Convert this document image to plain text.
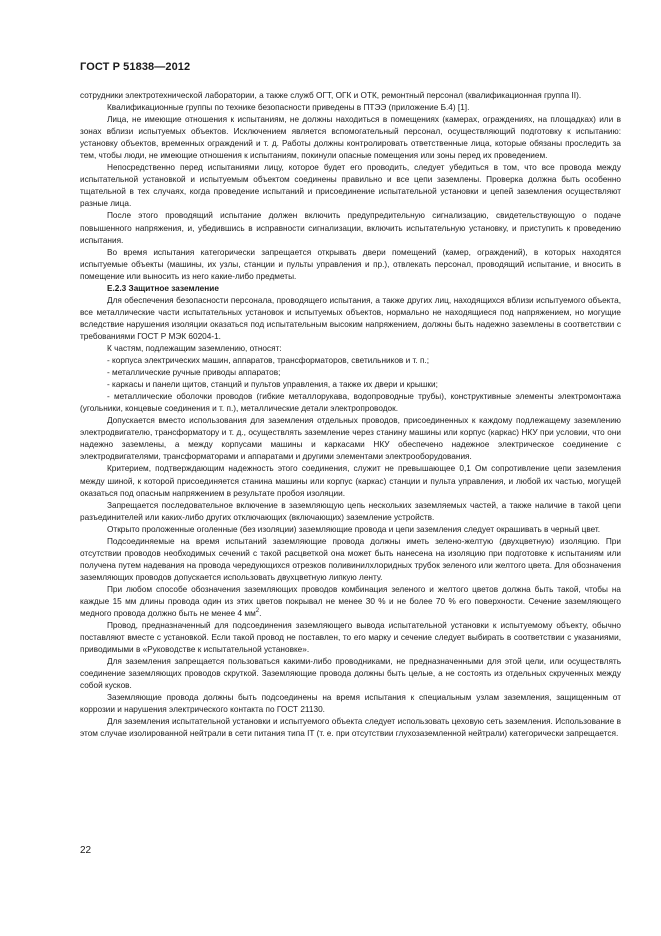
ГОСТ Р 51838—2012

сотрудники электротехнической лаборатории, а также служб ОГТ, ОГК и ОТК, ремонтный персонал (квалификационная группа II).

Квалификационные группы по технике безопасности приведены в ПТЭЭ (приложение Б.4) [1].

Лица, не имеющие отношения к испытаниям, не должны находиться в помещениях (камерах, ограждениях, на площадках) или в зонах вблизи испытуемых объектов. Исключением является вспомогательный персонал, осуществляющий подготовку к испытанию: установку объектов, временных ограждений и т. д. Работы должны контролировать ответственные лица, которые обязаны проследить за тем, чтобы люди, не имеющие отношения к испытаниям, покинули опасные помещения или зоны перед их проведением.

Непосредственно перед испытаниями лицу, которое будет его проводить, следует убедиться в том, что все провода между испытательной установкой и испытуемым объектом соединены правильно и все цепи заземлены. Проверка должна быть особенно тщательной в тех случаях, когда проведение испытаний и присоединение испытательной установки и цепей заземления осуществляют разные лица.

После этого проводящий испытание должен включить предупредительную сигнализацию, свидетельствующую о подаче повышенного напряжения, и, убедившись в исправности сигнализации, включить испытательную установку, и приступить к проведению испытания.

Во время испытания категорически запрещается открывать двери помещений (камер, ограждений), в которых находятся испытуемые объекты (машины, их узлы, станции и пульты управления и пр.), отвлекать персонал, проводящий испытание, и вносить в помещение или выносить из него какие-либо предметы.

Е.2.3 Защитное заземление

Для обеспечения безопасности персонала, проводящего испытания, а также других лиц, находящихся вблизи испытуемого объекта, все металлические части испытательных установок и испытуемых объектов, нормально не находящиеся под напряжением, но могущие вследствие нарушения изоляции оказаться под испытательным высоким напряжением, должны быть надежно заземлены в соответствии с требованиями ГОСТ Р МЭК 60204-1.

К частям, подлежащим заземлению, относят:

- корпуса электрических машин, аппаратов, трансформаторов, светильников и т. п.;

- металлические ручные приводы аппаратов;

- каркасы и панели щитов, станций и пультов управления, а также их двери и крышки;

- металлические оболочки проводов (гибкие металлорукава, водопроводные трубы), конструктивные элементы электромонтажа (угольники, концевые соединения и т. п.), металлические детали электропроводок.

Допускается вместо использования для заземления отдельных проводов, присоединенных к каждому подлежащему заземлению электродвигателю, трансформатору и т. д., осуществлять заземление через станину машины или корпус (каркас) НКУ при условии, что они надежно заземлены, а между корпусами машины и каркасами НКУ обеспечено надежное электрическое соединение с электродвигателями, трансформаторами и аппаратами и другими элементами электрооборудования.

Критерием, подтверждающим надежность этого соединения, служит не превышающее 0,1 Ом сопротивление цепи заземления между шиной, к которой присоединяется станина машины или корпус (каркас) станции и пульта управления, и любой их частью, могущей оказаться под опасным напряжением в результате пробоя изоляции.

Запрещается последовательное включение в заземляющую цепь нескольких заземляемых частей, а также наличие в такой цепи разъединителей или каких-либо других отключающих (включающих) заземление устройств.

Открыто проложенные оголенные (без изоляции) заземляющие провода и цепи заземления следует окрашивать в черный цвет.

Подсоединяемые на время испытаний заземляющие провода должны иметь зелено-желтую (двухцветную) изоляцию. При отсутствии проводов необходимых сечений с такой расцветкой она может быть нанесена на изоляцию при подготовке к испытаниям или получена путем надевания на провода чередующихся отрезков поливинилхлоридных трубок зеленого или желтого цвета. Для обозначения заземляющих проводов допускается использовать двухцветную липкую ленту.

При любом способе обозначения заземляющих проводов комбинация зеленого и желтого цветов должна быть такой, чтобы на каждые 15 мм длины провода один из этих цветов покрывал не менее 30 % и не более 70 % его поверхности. Сечение заземляющего медного провода должно быть не менее 4 $мм^2$.

Провод, предназначенный для подсоединения заземляющего вывода испытательной установки к испытуемому объекту, обычно поставляют вместе с установкой. Если такой провод не поставлен, то его марку и сечение следует выбирать в соответствии с указаниями, приводимыми в «Руководстве к испытательной установке».

Для заземления запрещается пользоваться какими-либо проводниками, не предназначенными для этой цели, или осуществлять соединение заземляющих проводов скруткой. Заземляющие провода должны быть целые, а не состоять из отдельных скрученных между собой кусков.

Заземляющие провода должны быть подсоединены на время испытания к специальным узлам заземления, защищенным от коррозии и нарушения электрического контакта по ГОСТ 21130.

Для заземления испытательной установки и испытуемого объекта следует использовать цеховую сеть заземления. Использование в этом случае изолированной нейтрали в сети питания типа IT (т. е. при отсутствии глухозаземленной нейтрали) категорически запрещается.

22
